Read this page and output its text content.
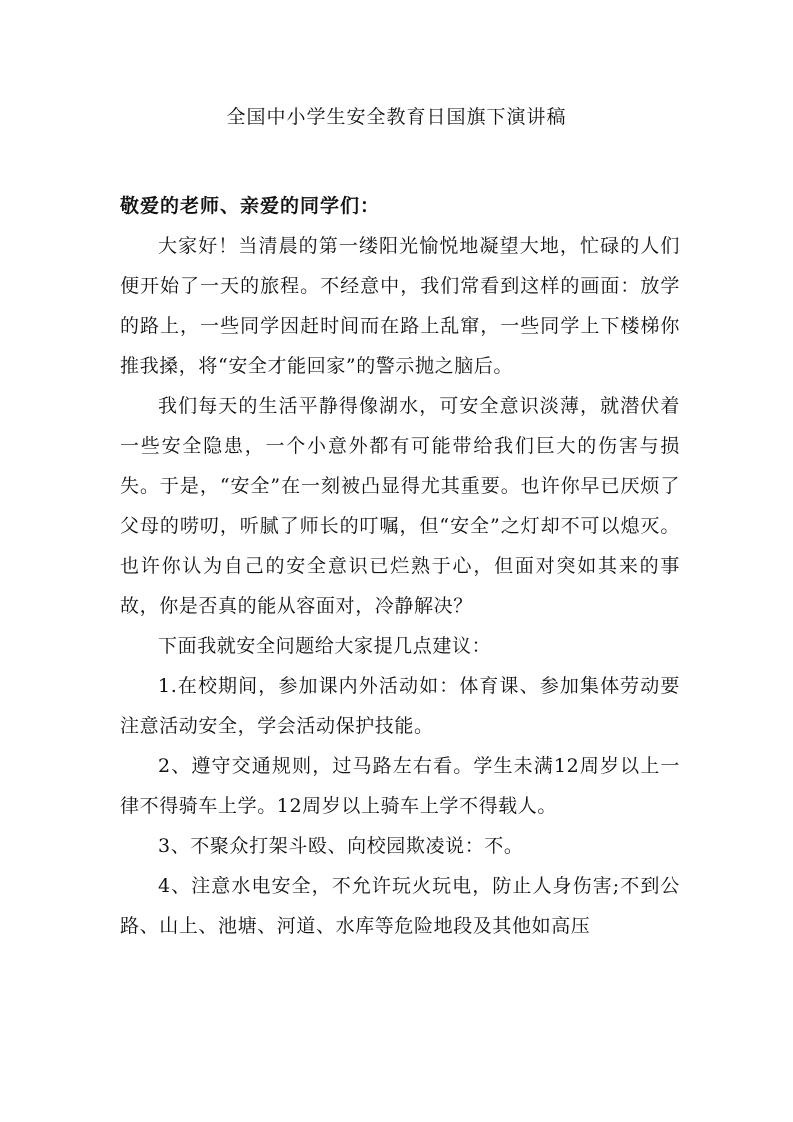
全国中小学生安全教育日国旗下演讲稿

敬爱的老师、亲爱的同学们：

大家好！当清晨的第一缕阳光愉悦地凝望大地，忙碌的人们便开始了一天的旅程。不经意中，我们常看到这样的画面：放学的路上，一些同学因赶时间而在路上乱窜，一些同学上下楼梯你推我搡，将“安全才能回家”的警示抛之脑后。

我们每天的生活平静得像湖水，可安全意识淡薄，就潜伏着一些安全隐患，一个小意外都有可能带给我们巨大的伤害与损失。于是，“安全”在一刻被凸显得尤其重要。也许你早已厌烦了父母的唠叨，听腻了师长的叮嘱，但“安全”之灯却不可以熄灭。也许你认为自己的安全意识已烂熟于心，但面对突如其来的事故，你是否真的能从容面对，冷静解决？

下面我就安全问题给大家提几点建议：

1.在校期间，参加课内外活动如：体育课、参加集体劳动要注意活动安全，学会活动保护技能。

2、遵守交通规则，过马路左右看。学生未满12周岁以上一律不得骑车上学。12周岁以上骑车上学不得载人。

3、不聚众打架斗殴、向校园欺凌说：不。

4、注意水电安全，不允许玩火玩电，防止人身伤害;不到公路、山上、池塘、河道、水库等危险地段及其他如高压
